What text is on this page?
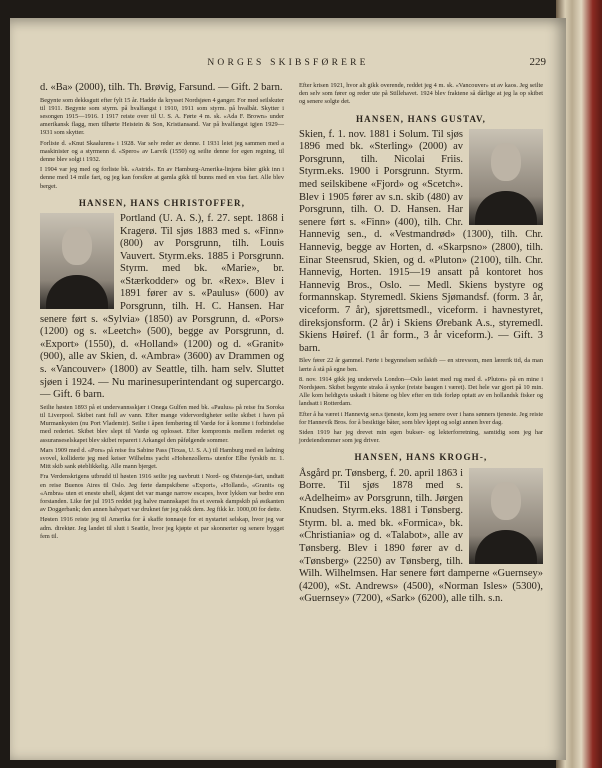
NORGES SKIBSFØRERE	229

d. «Ba» (2000), tilh. Th. Brøvig, Farsund. — Gift. 2 barn.

Begynte som dekksgutt efter fylt 15 år. Hadde da krysset Nordsjøen 4 ganger. For med seilskuter til 1911. Begynte som styrm. på hvalfangst i 1910, 1911 som styrm. på hvalbåt. Skytter i sesongen 1915—1916. I 1917 reiste over til U. S. A. Førte 4 m. sk. «Ada F. Brown» under amerikansk flagg, men tilhørte Heistein & Son, Kristiansand. Var på hvalfangst igjen 1929—1931 som skytter.

Forliste d. «Knut Skaaluren» i 1928. Var selv reder av denne. I 1931 leiet jeg sammen med a maskinister og a styrmenn d. «Spero» av Larvik (1550) og seilte denne for egen regning, til denne blev solgt i 1932.

I 1904 var jeg med og forliste bk. «Astrid». En av Hamburg-Amerika-linjens båter gikk inn i denne med 14 mile fart, og jeg kan forsikre at gamla gikk til bunns med en viss fart. Alle blev berget.

HANSEN, HANS CHRISTOFFER,

Portland (U. A. S.), f. 27. sept. 1868 i Kragerø. Til sjøs 1883 med s. «Finn» (800) av Porsgrunn, tilh. Louis Vauvert. Styrm.eks. 1885 i Porsgrunn. Styrm. med bk. «Marie», br. «Stærkodder» og br. «Rex». Blev i 1891 fører av s. «Paulus» (600) av Porsgrunn, tilh. H. C. Hansen. Har senere ført s. «Sylvia» (1850) av Porsgrunn, d. «Pors» (1200) og s. «Leetch» (500), begge av Porsgrunn, d. «Export» (1550), d. «Holland» (1200) og d. «Granit» (900), alle av Skien, d. «Ambra» (3600) av Drammen og s. «Vancouver» (1800) av Seattle, tilh. ham selv. Sluttet sjøen i 1924. — Nu marinesuperintendant og supercargo. — Gift. 6 barn.

Seilte høsten 1893 på et undervannsskjær i Onega Gulfen med bk. «Paulus» på reise fra Soroka til Liverpool. Skibet rant full av vann. Efter mange vidervordigheter seilte skibet i havn på Murmankysten (nu Port Vlademir). Seilte i åpen fembøring til Vardø for å komme i forbindelse med rederiet. Skibet blev slept til Vardø og oplosset. Efter kompromis mellem rederiet og assuranseselskapet blev skibet reparert i Arkangel den påfølgende sommer.

Mars 1909 med d. «Pors» på reise fra Sabine Pass (Texas, U. S. A.) til Hamburg med en ladning svovel, kolliderte jeg med keiser Wilhelms yacht «Hohenzollern» utenfor Elbe fyrskib nr. 1. Mitt skib sank øieblikkelig. Alle mann bjerget.

Fra Verdenskrigens utbrudd til høsten 1916 seilte jeg uavbrutt i Nord- og Østersjø-fart, undtatt en reise Buenos Aires til Oslo. Jeg førte dampskibene «Export», «Holland», «Granit» og «Ambra» uten et eneste uhell, skjønt det var mange narrow escapes, hvor lykken var bedre enn forstanden. Like før jul 1915 reddet jeg halve mannskapet fra et svensk dampskib på østkanten av Doggerbank; den annen halvpart var druknet før jeg rakk dem. Jeg fikk kr. 1000,00 for dette.

Høsten 1916 reiste jeg til Amerika for å skaffe tonnasje for et nystartet selskap, hvor jeg var adm. direktør. Jeg landet til slutt i Seattle, hvor jeg kjøpte et par skonnerter og senere bygget fem til.

Efter krisen 1921, hvor alt gikk overende, reddet jeg 4 m. sk. «Vancouver» ut av kaos. Jeg seilte den selv som fører og reder ute på Stillehavet. 1924 blev fraktene så dårlige at jeg la op skibet og senere solgte det.

HANSEN, HANS GUSTAV,

Skien, f. 1. nov. 1881 i Solum. Til sjøs 1896 med bk. «Sterling» (2000) av Porsgrunn, tilh. Nicolai Friis. Styrm.eks. 1900 i Porsgrunn. Styrm. med seilskibene «Fjord» og «Scetch». Blev i 1905 fører av s.n. skib (480) av Porsgrunn, tilh. O. D. Hansen. Har senere ført s. «Finn» (400), tilh. Chr. Hannevig sen., d. «Vestmandrød» (1300), tilh. Chr. Hannevig, begge av Horten, d. «Skarpsno» (2800), tilh. Einar Steensrud, Skien, og d. «Pluton» (2100), tilh. Chr. Hannevig, Horten. 1915—19 ansatt på kontoret hos Hannevig Bros., Oslo. — Medl. Skiens bystyre og formannskap. Styremedl. Skiens Sjømandsf. (form. 3 år, viceform. 7 år), sjørettsmedl., viceform. i havnestyret, direksjonsform. (2 år) i Skiens Ørebank A.s., styremedl. Skiens Høiref. (1 år form., 3 år viceform.). — Gift. 3 barn.

Blev fører 22 år gammel. Førte i begynnelsen seilskib — en strevsom, men lærerik tid, da man lærte å stå på egne ben.

8. nov. 1914 gikk jeg undervels London—Oslo lastet med rug med d. «Pluton» på en mine i Nordsjøen. Skibet begynte straks å synke (reiste baugen i været). Det hele var gjort på 10 min. Alle kom heldigvis uskadt i båtene og blev efter en tids forløp optatt av en hollandsk fisker og landsatt i Rotterdam.

Efter å ha været i Hannevig sen.s tjeneste, kom jeg senere over i hans sønners tjeneste. Jeg reiste for Hannevik Bros. for å besiktige båter, som blev kjøpt og solgt annen hver dag.

Siden 1919 har jeg drevet min egen bukser- og lekterforretning, samtidig som jeg har jordeiendommer som jeg driver.

HANSEN, HANS KROGH-,

Åsgård pr. Tønsberg, f. 20. april 1863 i Borre. Til sjøs 1878 med s. «Adelheim» av Porsgrunn, tilh. Jørgen Knudsen. Styrm.eks. 1881 i Tønsberg. Styrm. bl. a. med bk. «Formica», bk. «Christiania» og d. «Talabot», alle av Tønsberg. Blev i 1890 fører av d. «Tønsberg» (2250) av Tønsberg, tilh. Wilh. Wilhelmsen. Har senere ført damperne «Guernsey» (4200), «St. Andrews» (4500), «Norman Isles» (5300), «Guernsey» (7200), «Sark» (6200), alle tilh. s.n.
